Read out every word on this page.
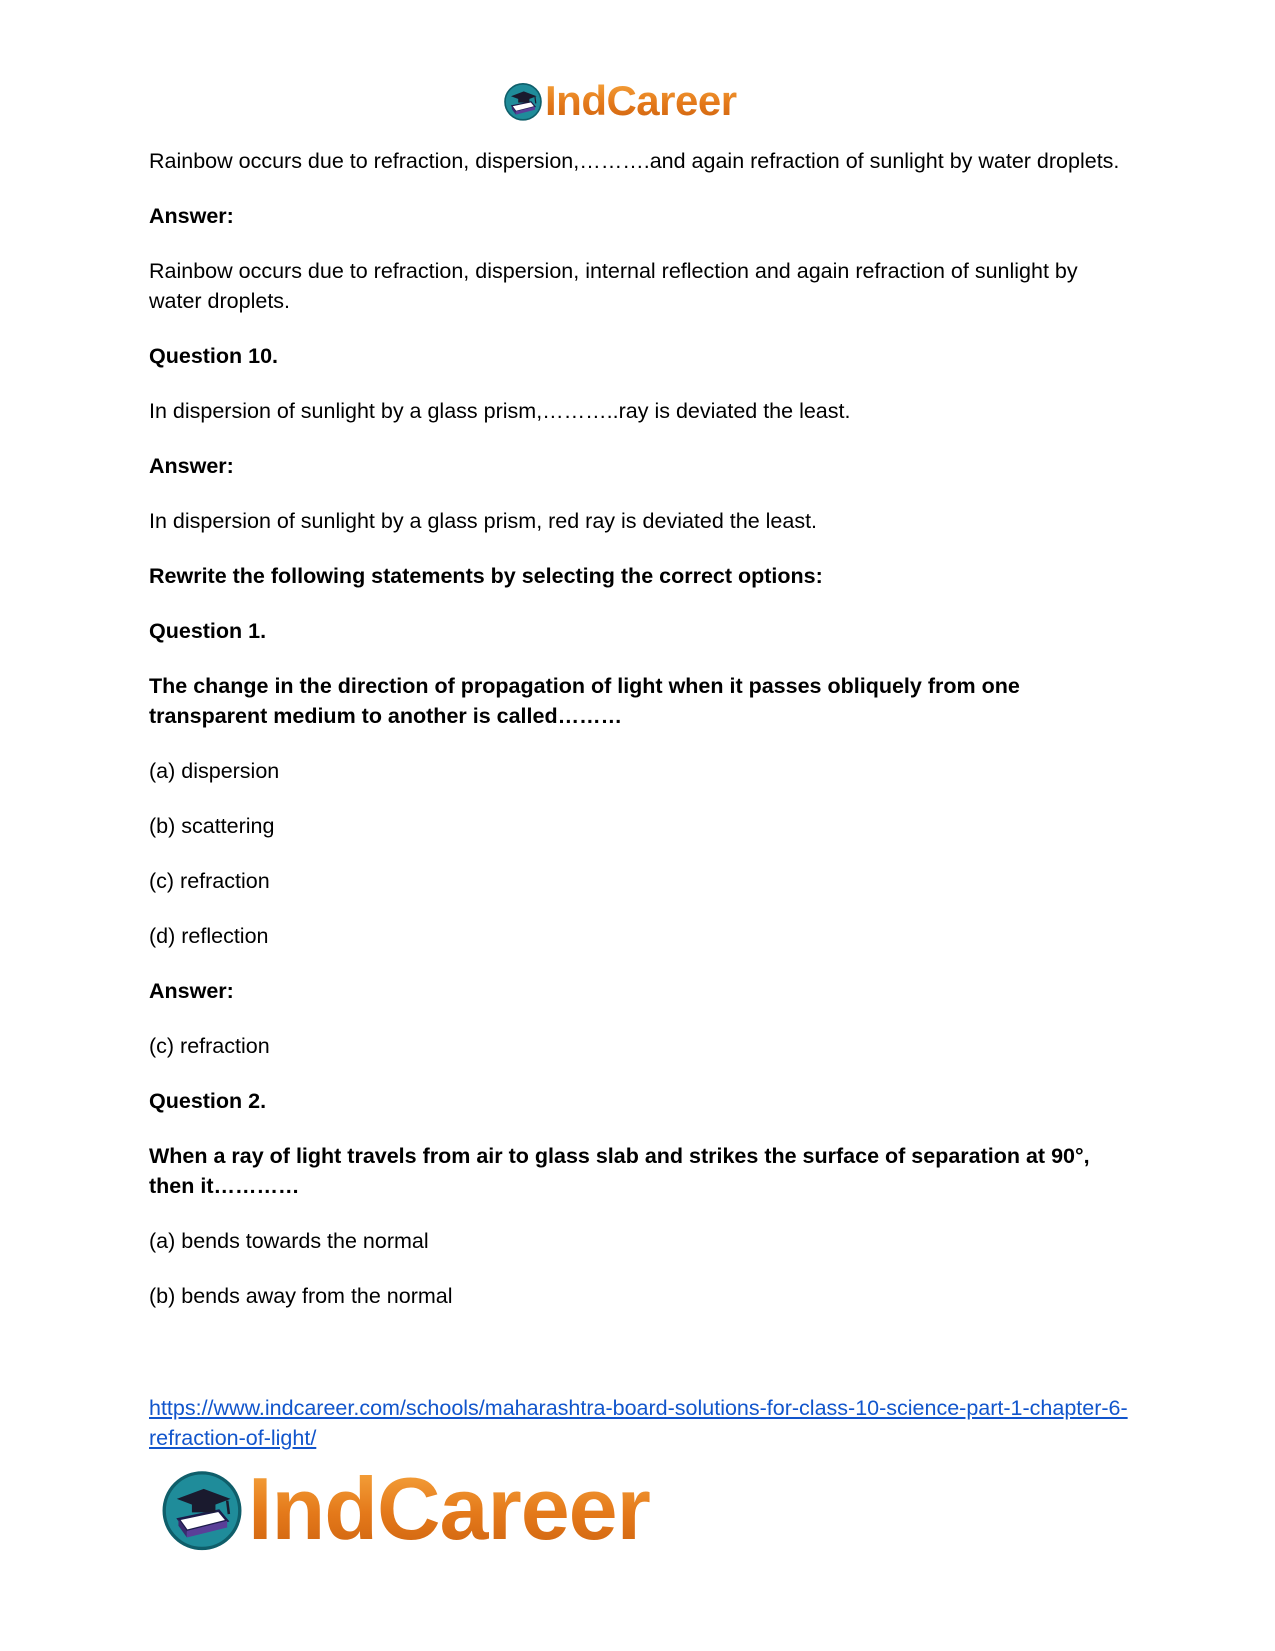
IndCareer

Rainbow occurs due to refraction, dispersion,……….and again refraction of sunlight by water droplets.

Answer:

Rainbow occurs due to refraction, dispersion, internal reflection and again refraction of sunlight by water droplets.

Question 10.

In dispersion of sunlight by a glass prism,………..ray is deviated the least.

Answer:

In dispersion of sunlight by a glass prism, red ray is deviated the least.

Rewrite the following statements by selecting the correct options:

Question 1.

The change in the direction of propagation of light when it passes obliquely from one transparent medium to another is called………

(a) dispersion

(b) scattering

(c) refraction

(d) reflection

Answer:

(c) refraction

Question 2.

When a ray of light travels from air to glass slab and strikes the surface of separation at 90°, then it…………

(a) bends towards the normal

(b) bends away from the normal

https://www.indcareer.com/schools/maharashtra-board-solutions-for-class-10-science-part-1-chapter-6-refraction-of-light/
IndCareer
